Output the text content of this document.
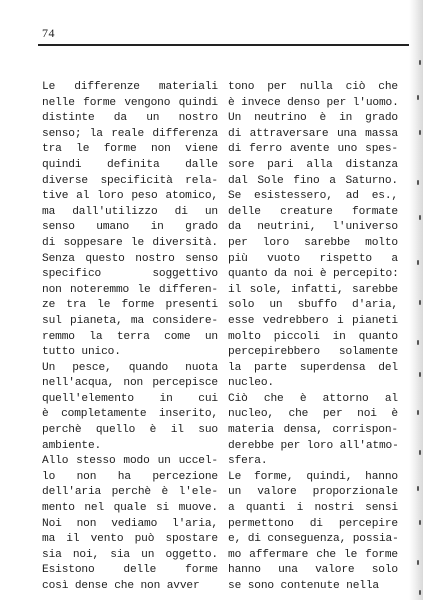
74
Le differenze materiali
nelle forme vengono quindi
distinte da un nostro
senso; la reale differenza
tra le forme non viene
quindi definita dalle
diverse specificità rela-
tive al loro peso atomico,
ma dall'utilizzo di un
senso umano in grado
di soppesare le diversità.
Senza questo nostro senso
specifico soggettivo
non noteremmo le differen-
ze tra le forme presenti
sul pianeta, ma considere-
remmo la terra come un
tutto unico.
Un pesce, quando nuota
nell'acqua, non percepisce
quell'elemento in cui
è completamente inserito,
perchè quello è il suo
ambiente.
Allo stesso modo un uccel-
lo non ha percezione
dell'aria perchè è l'ele-
mento nel quale si muove.
Noi non vediamo l'aria,
ma il vento può spostare
sia noi, sia un oggetto.
Esistono delle forme
così dense che non avver
tono per nulla ciò che
è invece denso per l'uomo.
Un neutrino è in grado
di attraversare una massa
di ferro avente uno spes-
sore pari alla distanza
dal Sole fino a Saturno.
Se esistessero, ad es.,
delle creature formate
da neutrini, l'universo
per loro sarebbe molto
più vuoto rispetto a
quanto da noi è percepito:
il sole, infatti, sarebbe
solo un sbuffo d'aria,
esse vedrebbero i pianeti
molto piccoli in quanto
percepirebbero solamente
la parte superdensa del
nucleo.
Ciò che è attorno al
nucleo, che per noi è
materia densa, corrispon-
derebbe per loro all'atmo-
sfera.
Le forme, quindi, hanno
un valore proporzionale
a quanti i nostri sensi
permettono di percepire
e, di conseguenza, possia-
mo affermare che le forme
hanno una valore solo
se sono contenute nella
